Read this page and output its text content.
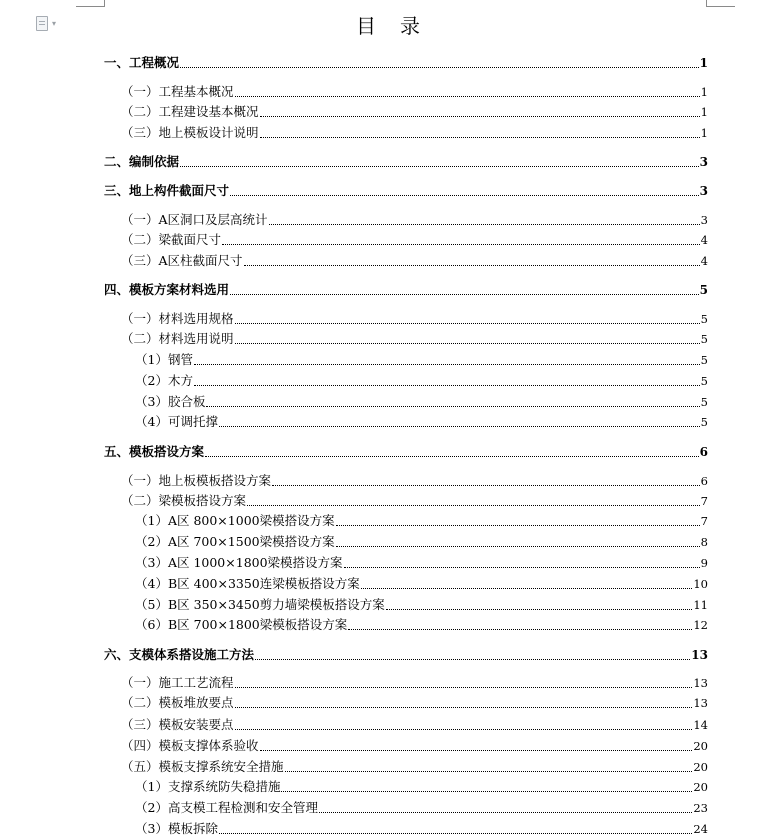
▾	目　录
一、工程概况	1
（一）工程基本概况	1
（二）工程建设基本概况	1
（三）地上模板设计说明	1
二、编制依据	3
三、地上构件截面尺寸	3
（一）A区洞口及层高统计	3
（二）梁截面尺寸	4
（三）A区柱截面尺寸	4
四、模板方案材料选用	5
（一）材料选用规格	5
（二）材料选用说明	5
（1）钢管	5
（2）木方	5
（3）胶合板	5
（4）可调托撑	5
五、模板搭设方案	6
（一）地上板模板搭设方案	6
（二）梁模板搭设方案	7
（1）A区 800×1000梁模搭设方案	7
（2）A区 700×1500梁模搭设方案	8
（3）A区 1000×1800梁模搭设方案	9
（4）B区 400×3350连梁模板搭设方案	10
（5）B区 350×3450剪力墙梁模板搭设方案	11
（6）B区 700×1800梁模板搭设方案	12
六、支模体系搭设施工方法	13
（一）施工工艺流程	13
（二）模板堆放要点	13
（三）模板安装要点	14
（四）模板支撑体系验收	20
（五）模板支撑系统安全措施	20
（1）支撑系统防失稳措施	20
（2）高支模工程检测和安全管理	23
（3）模板拆除	24
